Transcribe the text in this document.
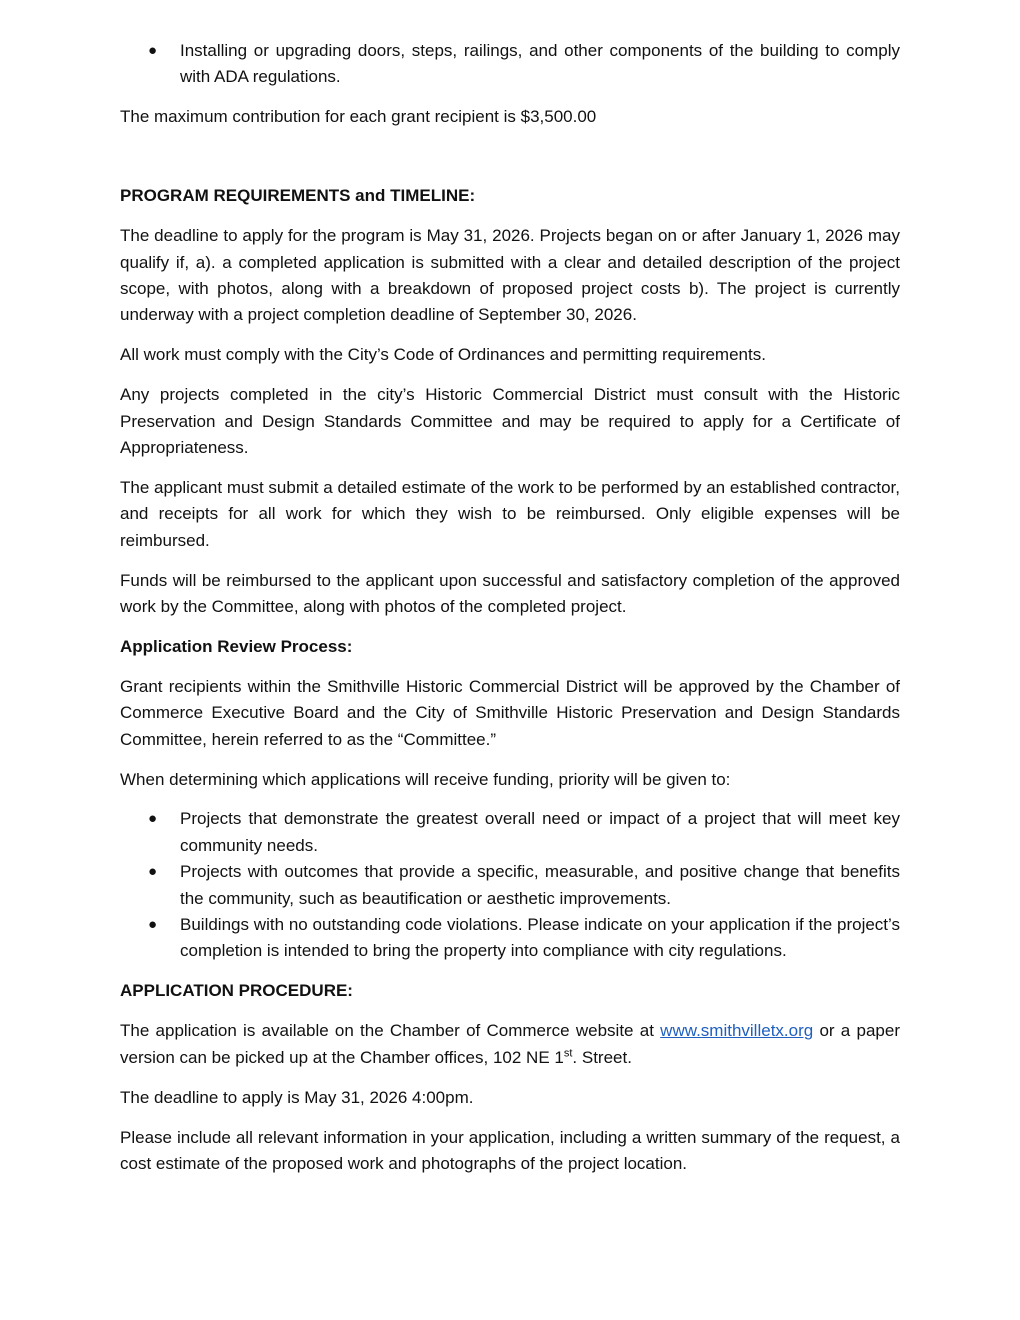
● Installing or upgrading doors, steps, railings, and other components of the building to comply with ADA regulations.

The maximum contribution for each grant recipient is $3,500.00

PROGRAM REQUIREMENTS and TIMELINE:

The deadline to apply for the program is May 31, 2026. Projects began on or after January 1, 2026 may qualify if, a). a completed application is submitted with a clear and detailed description of the project scope, with photos, along with a breakdown of proposed project costs b). The project is currently underway with a project completion deadline of September 30, 2026.

All work must comply with the City’s Code of Ordinances and permitting requirements.

Any projects completed in the city’s Historic Commercial District must consult with the Historic Preservation and Design Standards Committee and may be required to apply for a Certificate of Appropriateness.

The applicant must submit a detailed estimate of the work to be performed by an established contractor, and receipts for all work for which they wish to be reimbursed. Only eligible expenses will be reimbursed.

Funds will be reimbursed to the applicant upon successful and satisfactory completion of the approved work by the Committee, along with photos of the completed project.

Application Review Process:

Grant recipients within the Smithville Historic Commercial District will be approved by the Chamber of Commerce Executive Board and the City of Smithville Historic Preservation and Design Standards Committee, herein referred to as the “Committee.”

When determining which applications will receive funding, priority will be given to:

● Projects that demonstrate the greatest overall need or impact of a project that will meet key community needs.
● Projects with outcomes that provide a specific, measurable, and positive change that benefits the community, such as beautification or aesthetic improvements.
● Buildings with no outstanding code violations. Please indicate on your application if the project’s completion is intended to bring the property into compliance with city regulations.
APPLICATION PROCEDURE:

The application is available on the Chamber of Commerce website at www.smithvilletx.org or a paper version can be picked up at the Chamber offices, 102 NE 1st. Street.

The deadline to apply is May 31, 2026 4:00pm.

Please include all relevant information in your application, including a written summary of the request, a cost estimate of the proposed work and photographs of the project location.
